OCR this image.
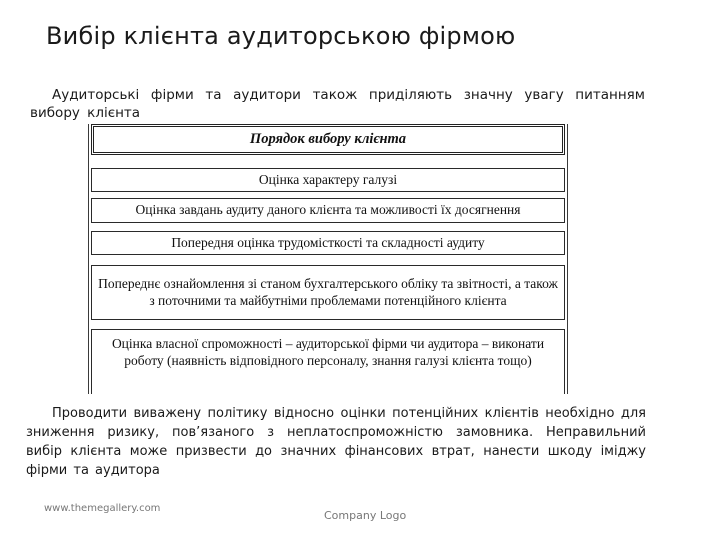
Вибір клієнта аудиторською фірмою
Аудиторські фірми та аудитори також приділяють значну увагу питанням вибору клієнта
Порядок вибору клієнта
Оцінка характеру галузі
Оцінка завдань аудиту даного клієнта та можливості їх досягнення
Попередня оцінка трудомісткості та складності аудиту
Попереднє ознайомлення зі станом бухгалтерського обліку та звітності, а також з поточними та майбутніми проблемами потенційного клієнта
Оцінка власної спроможності – аудиторської фірми чи аудитора – виконати роботу (наявність відповідного персоналу, знання галузі клієнта тощо)
Проводити виважену політику відносно оцінки потенційних клієнтів необхідно для зниження ризику, пов’язаного з неплатоспроможністю замовника. Неправильний вибір клієнта може призвести до значних фінансових втрат, нанести шкоду іміджу фірми та аудитора
www.themegallery.com
Company Logo
